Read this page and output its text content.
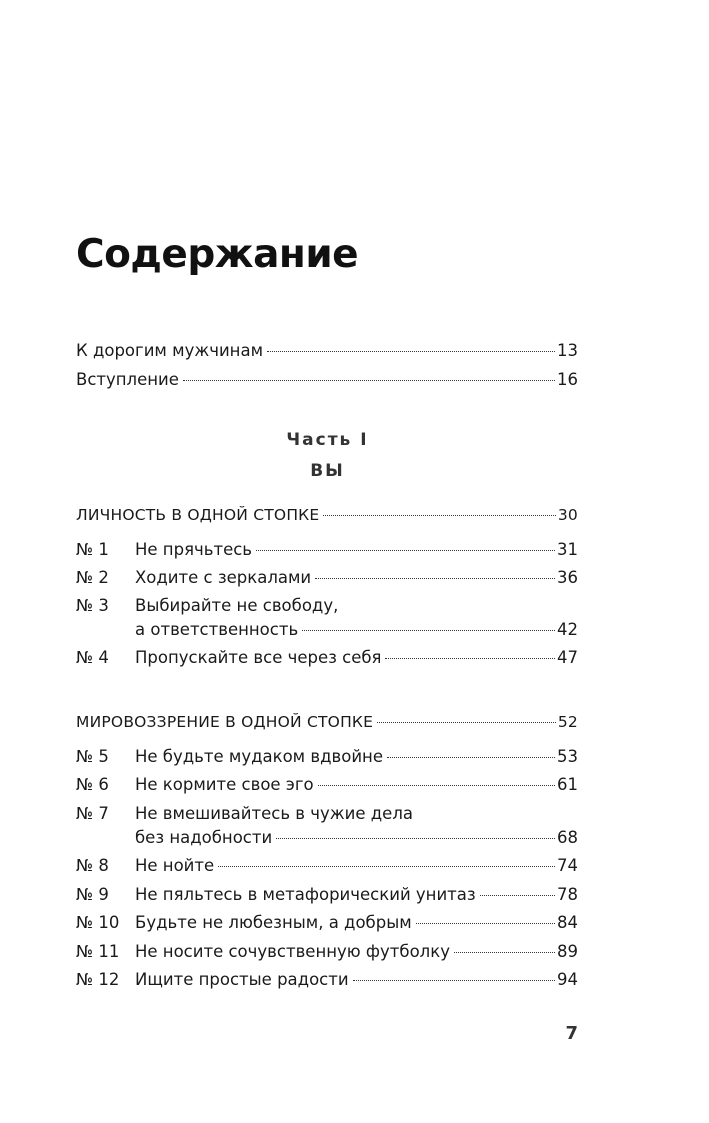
Содержание
К дорогим мужчинам	13
Вступление	16
Часть I
ВЫ
ЛИЧНОСТЬ В ОДНОЙ СТОПКЕ	30
№ 1	Не прячьтесь	31
№ 2	Ходите с зеркалами	36
№ 3 Выбирайте не свободу,
а ответственность	42
№ 4	Пропускайте все через себя	47
МИРОВОЗЗРЕНИЕ В ОДНОЙ СТОПКЕ	52
№ 5	Не будьте мудаком вдвойне	53
№ 6	Не кормите свое эго	61
№ 7 Не вмешивайтесь в чужие дела
без надобности	68
№ 8	Не нойте	74
№ 9	Не пяльтесь в метафорический унитаз	78
№ 10 Будьте не любезным, а добрым	84
№ 11 Не носите сочувственную футболку	89
№ 12 Ищите простые радости	94
7
